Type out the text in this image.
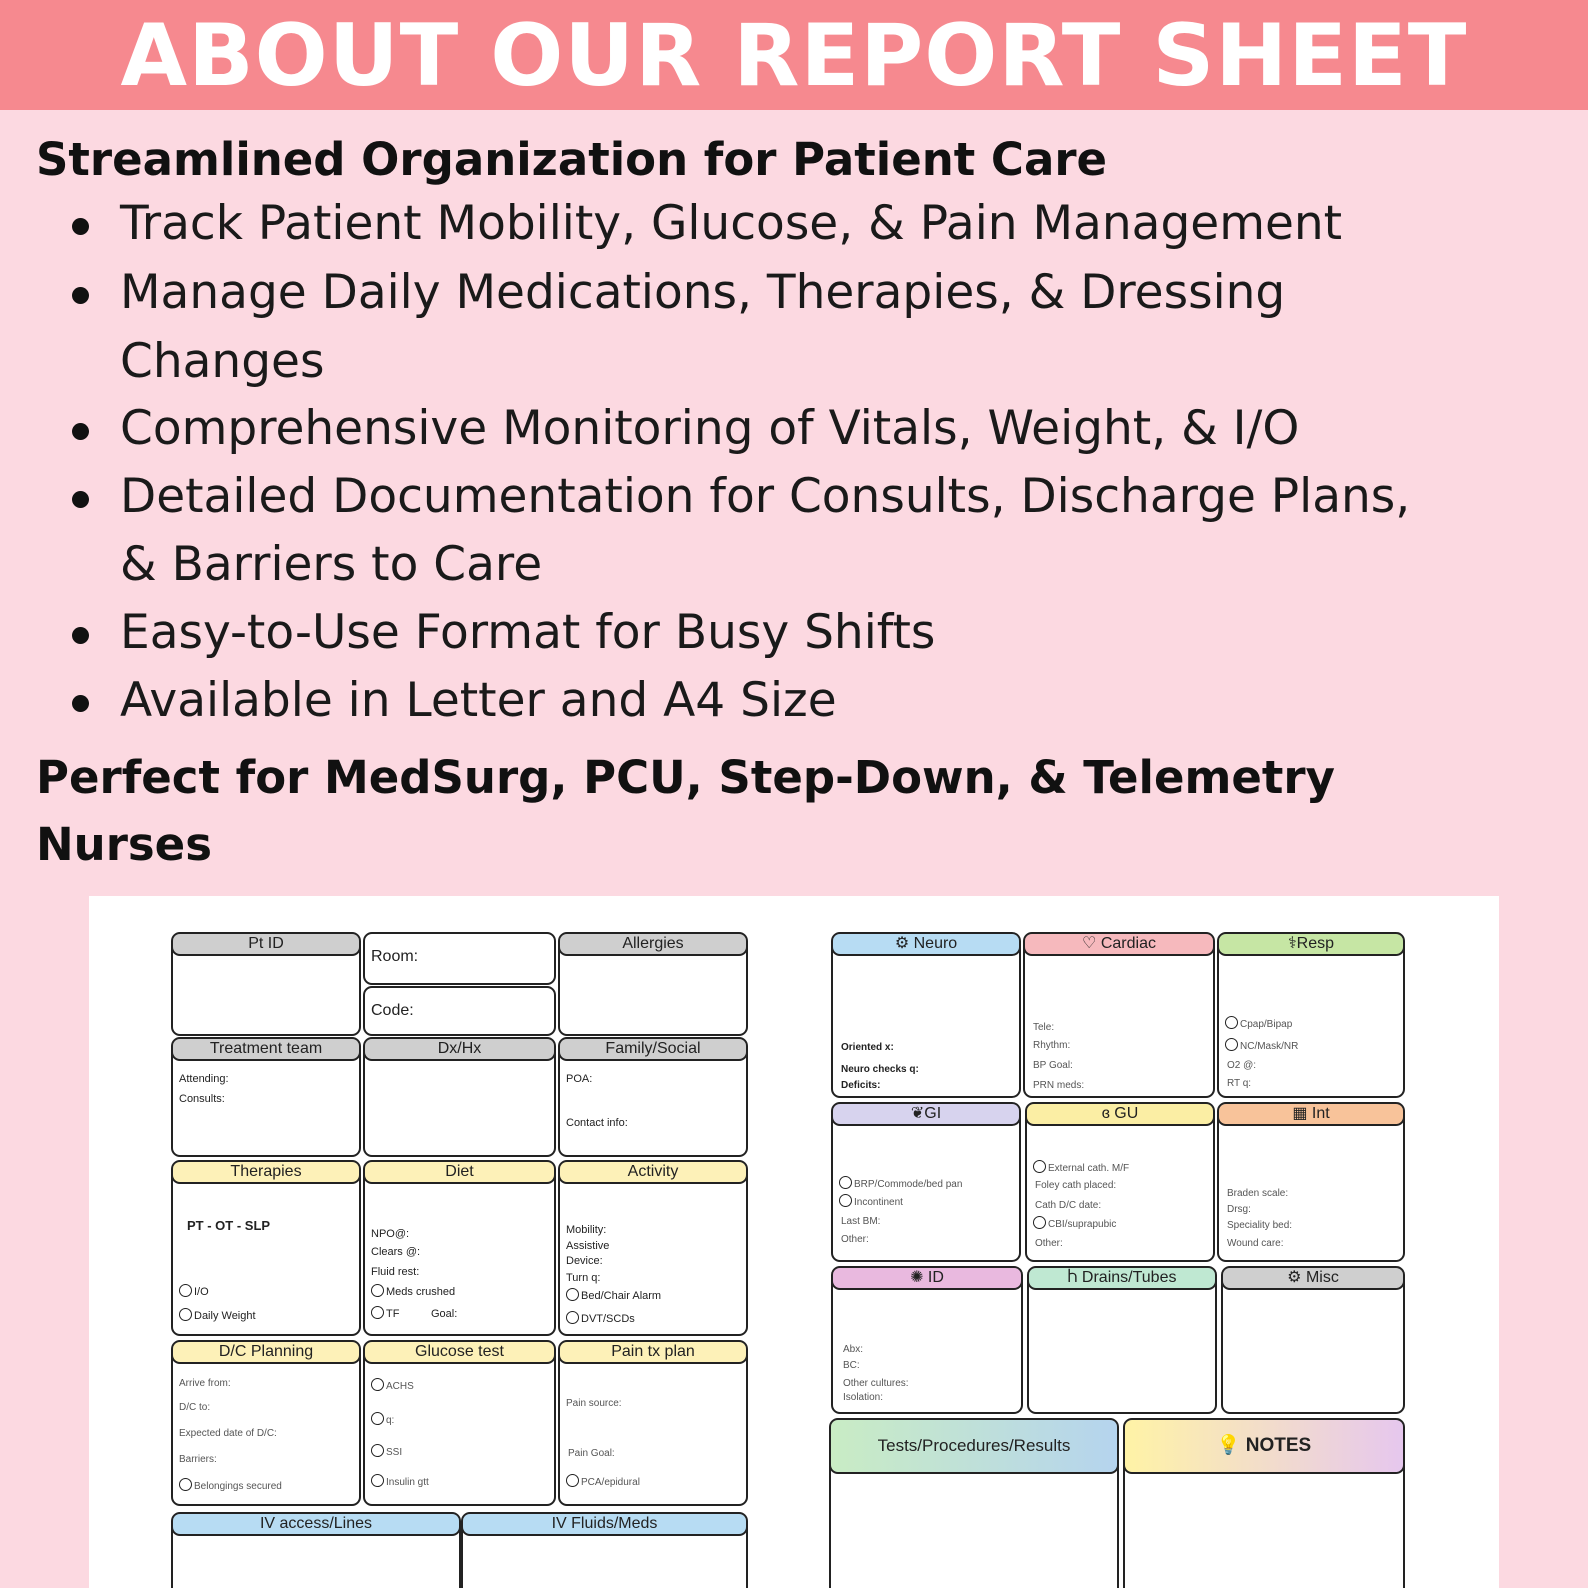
ABOUT OUR REPORT SHEET
Streamlined Organization for Patient Care
Track Patient Mobility, Glucose, & Pain Management
Manage Daily Medications, Therapies, & Dressing
Changes
Comprehensive Monitoring of Vitals, Weight, & I/O
Detailed Documentation for Consults, Discharge Plans,
& Barriers to Care
Easy-to-Use Format for Busy Shifts
Available in Letter and A4 Size
Perfect for MedSurg, PCU, Step-Down, & Telemetry
Nurses
Pt ID
Room:
Code:
Allergies
Treatment team
Attending:
Consults:
Dx/Hx	Family/Social
POA:
Contact info:
Therapies
PT - OT - SLP
I/O
Daily Weight
Diet
NPO@:
Clears @:
Fluid rest:
Meds crushed
TF	Goal:
Activity
Mobility:
Assistive
Device:
Turn q:
Bed/Chair Alarm
DVT/SCDs
D/C Planning
Arrive from:
D/C to:
Expected date of D/C:
Barriers:
Belongings secured
Glucose test
ACHS
q:
SSI
Insulin gtt
Pain tx plan
Pain source:
Pain Goal:
PCA/epidural
IV access/Lines	IV Fluids/Meds
⚙ Neuro
Oriented x:
Neuro checks q:
Deficits:
♡ Cardiac
Tele:
Rhythm:
BP Goal:
PRN meds:
⚕Resp
Cpap/Bipap
NC/Mask/NR
O2 @:
RT q:
❦GI
BRP/Commode/bed pan
Incontinent
Last BM:
Other:
ɞ GU
External cath. M/F
Foley cath placed:
Cath D/C date:
CBI/suprapubic
Other:
▦ Int
Braden scale:
Drsg:
Speciality bed:
Wound care:
✺ ID
Abx:
BC:
Other cultures:
Isolation:
Ⴙ Drains/Tubes	⚙ Misc
Tests/Procedures/Results	💡 NOTES
